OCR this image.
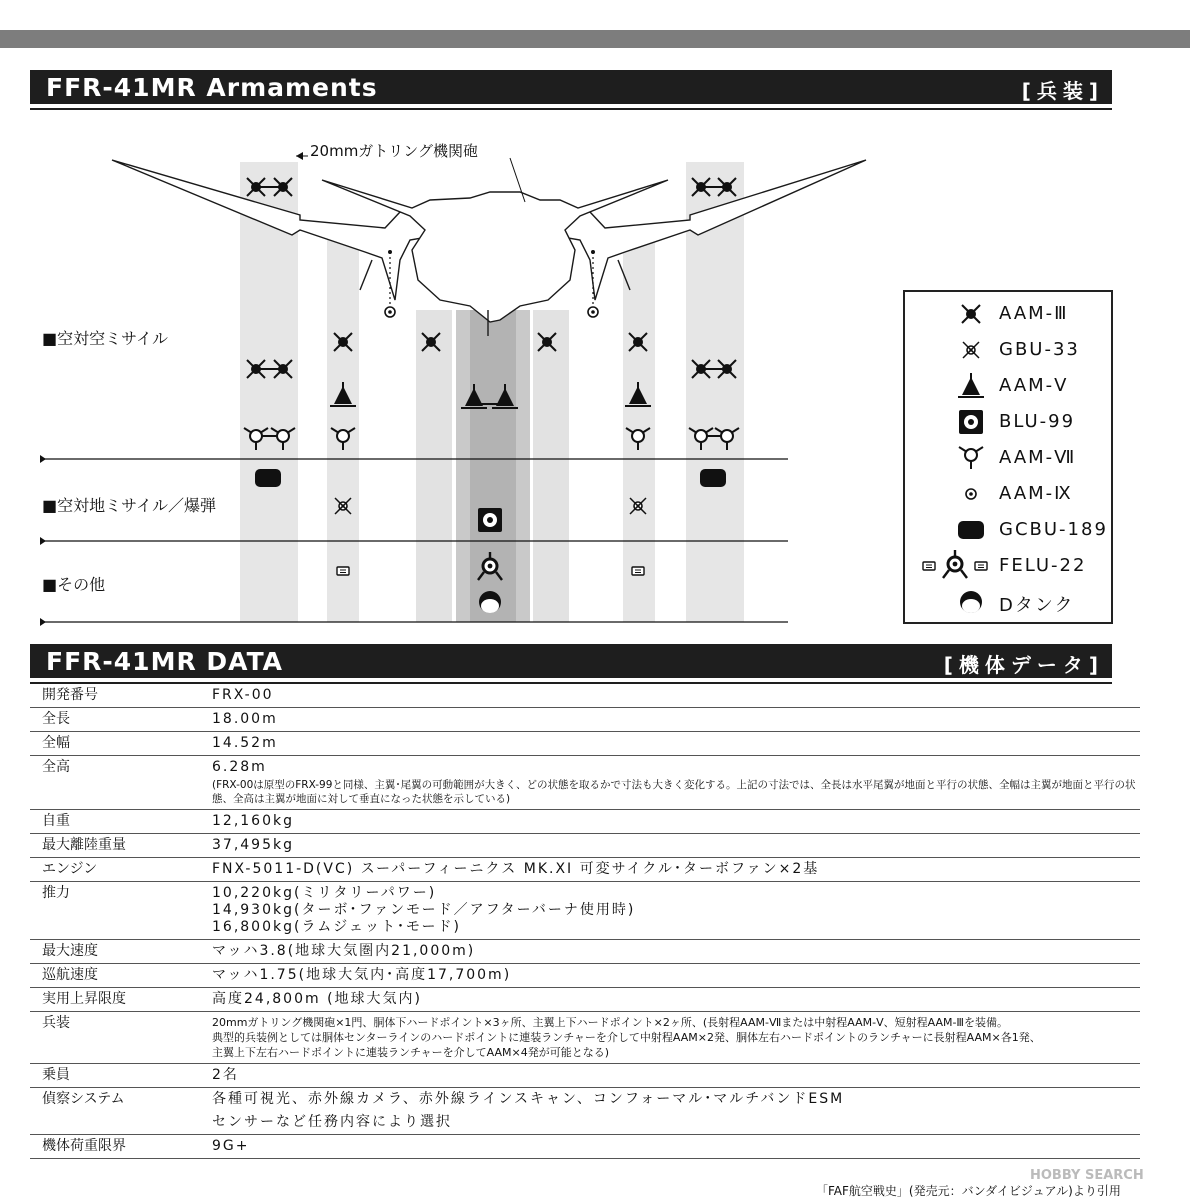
FFR-41MR Armaments	[兵装]
20mmガトリング機関砲
■空対空ミサイル
■空対地ミサイル／爆弾
■その他
AAM-Ⅲ
GBU-33
AAM-Ⅴ
BLU-99
AAM-Ⅶ
AAM-Ⅸ
GCBU-189
FELU-22
Dタンク
FFR-41MR DATA	[機体データ]
開発番号	FRX-00
全長	18.00m
全幅	14.52m
全高	6.28m
(FRX-00は原型のFRX-99と同様、主翼･尾翼の可動範囲が大きく、どの状態を取るかで寸法も大きく変化する。上記の寸法では、全長は水平尾翼が地面と平行の状態、全幅は主翼が地面と平行の状態、全高は主翼が地面に対して垂直になった状態を示している)

自重	12,160kg
最大離陸重量	37,495kg
エンジン	FNX-5011-D(VC) スーパーフィーニクス MK.XI 可変サイクル･ターボファン×2基
推力	10,220kg(ミリタリーパワー)
14,930kg(ターボ･ファンモード／アフターバーナ使用時)
16,800kg(ラムジェット･モード)

最大速度	マッハ3.8(地球大気圏内21,000m)
巡航速度	マッハ1.75(地球大気内･高度17,700m)
実用上昇限度	高度24,800m (地球大気内)
兵装	20mmガトリング機関砲×1門、胴体下ハードポイント×3ヶ所、主翼上下ハードポイント×2ヶ所、(長射程AAM-Ⅶまたは中射程AAM-Ⅴ、短射程AAM-Ⅲを装備。
典型的兵装例としては胴体センターラインのハードポイントに連装ランチャーを介して中射程AAM×2発、胴体左右ハードポイントのランチャーに長射程AAM×各1発、
主翼上下左右ハードポイントに連装ランチャーを介してAAM×4発が可能となる)

乗員	2名
偵察システム	各種可視光、赤外線カメラ、赤外線ラインスキャン、コンフォーマル･マルチバンドESM
センサーなど任務内容により選択

機体荷重限界	9G+
「FAF航空戦史」(発売元：バンダイビジュアル)より引用
HOBBY SEARCH
